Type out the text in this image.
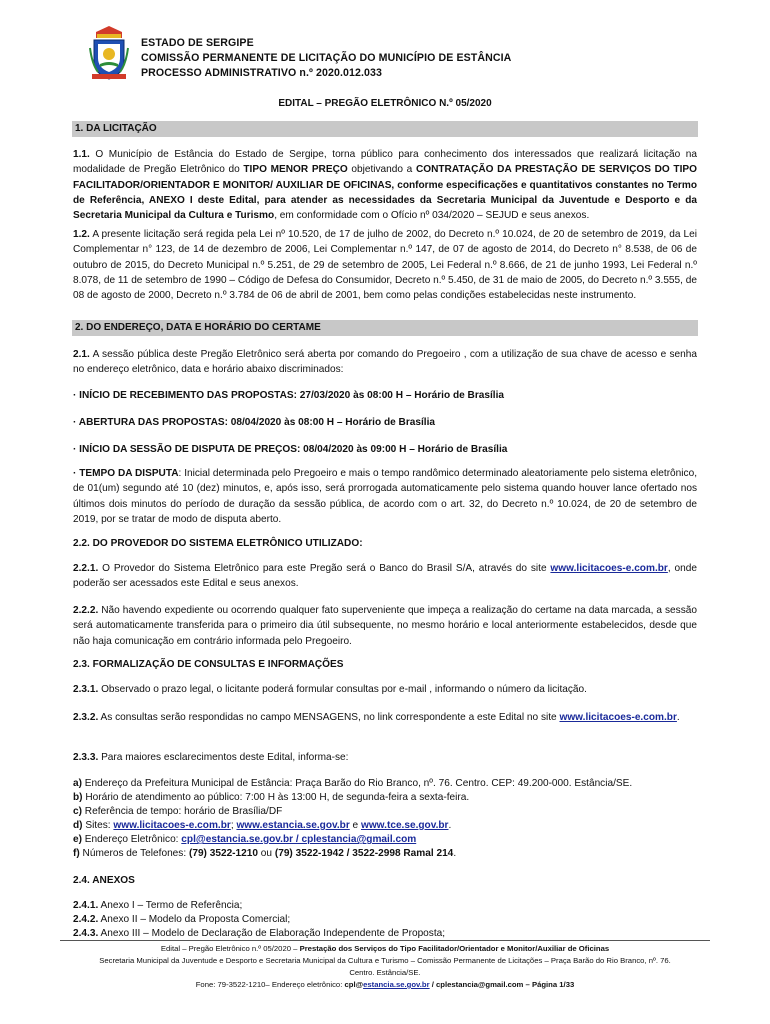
ESTADO DE SERGIPE
COMISSÃO PERMANENTE DE LICITAÇÃO DO MUNICÍPIO DE ESTÂNCIA
PROCESSO ADMINISTRATIVO n.º 2020.012.033
EDITAL – PREGÃO ELETRÔNICO N.º 05/2020
1. DA LICITAÇÃO
1.1. O Município de Estância do Estado de Sergipe, torna público para conhecimento dos interessados que realizará licitação na modalidade de Pregão Eletrônico do TIPO MENOR PREÇO objetivando a CONTRATAÇÃO DA PRESTAÇÃO DE SERVIÇOS DO TIPO FACILITADOR/ORIENTADOR E MONITOR/ AUXILIAR DE OFICINAS, conforme especificações e quantitativos constantes no Termo de Referência, ANEXO I deste Edital, para atender as necessidades da Secretaria Municipal da Juventude e Desporto e da Secretaria Municipal da Cultura e Turismo, em conformidade com o Ofício nº 034/2020 – SEJUD e seus anexos.
1.2. A presente licitação será regida pela Lei nº 10.520, de 17 de julho de 2002, do Decreto n.º 10.024, de 20 de setembro de 2019, da Lei Complementar n° 123, de 14 de dezembro de 2006, Lei Complementar n.º 147, de 07 de agosto de 2014, do Decreto n° 8.538, de 06 de outubro de 2015, do Decreto Municipal n.º 5.251, de 29 de setembro de 2005, Lei Federal n.º 8.666, de 21 de junho 1993, Lei Federal n.º 8.078, de 11 de setembro de 1990 – Código de Defesa do Consumidor, Decreto n.º 5.450, de 31 de maio de 2005, do Decreto n.º 3.555, de 08 de agosto de 2000, Decreto n.º 3.784 de 06 de abril de 2001, bem como pelas condições estabelecidas neste instrumento.
2. DO ENDEREÇO, DATA E HORÁRIO DO CERTAME
2.1. A sessão pública deste Pregão Eletrônico será aberta por comando do Pregoeiro , com a utilização de sua chave de acesso e senha no endereço eletrônico, data e horário abaixo discriminados:
· INÍCIO DE RECEBIMENTO DAS PROPOSTAS: 27/03/2020 às 08:00 H – Horário de Brasília
· ABERTURA DAS PROPOSTAS: 08/04/2020 às 08:00 H – Horário de Brasília
· INÍCIO DA SESSÃO DE DISPUTA DE PREÇOS: 08/04/2020 às 09:00 H – Horário de Brasília
· TEMPO DA DISPUTA: Inicial determinada pelo Pregoeiro e mais o tempo randômico determinado aleatoriamente pelo sistema eletrônico, de 01(um) segundo até 10 (dez) minutos, e, após isso, será prorrogada automaticamente pelo sistema quando houver lance ofertado nos últimos dois minutos do período de duração da sessão pública, de acordo com o art. 32, do Decreto n.º 10.024, de 20 de setembro de 2019, por se tratar de modo de disputa aberto.
2.2. DO PROVEDOR DO SISTEMA ELETRÔNICO UTILIZADO:
2.2.1. O Provedor do Sistema Eletrônico para este Pregão será o Banco do Brasil S/A, através do site www.licitacoes-e.com.br, onde poderão ser acessados este Edital e seus anexos.
2.2.2. Não havendo expediente ou ocorrendo qualquer fato superveniente que impeça a realização do certame na data marcada, a sessão será automaticamente transferida para o primeiro dia útil subsequente, no mesmo horário e local anteriormente estabelecidos, desde que não haja comunicação em contrário informada pelo Pregoeiro.
2.3. FORMALIZAÇÃO DE CONSULTAS E INFORMAÇÕES
2.3.1. Observado o prazo legal, o licitante poderá formular consultas por e-mail , informando o número da licitação.
2.3.2. As consultas serão respondidas no campo MENSAGENS, no link correspondente a este Edital no site www.licitacoes-e.com.br.
2.3.3. Para maiores esclarecimentos deste Edital, informa-se:
a) Endereço da Prefeitura Municipal de Estância: Praça Barão do Rio Branco, nº. 76. Centro. CEP: 49.200-000. Estância/SE.
b) Horário de atendimento ao público: 7:00 H às 13:00 H, de segunda-feira a sexta-feira.
c) Referência de tempo: horário de Brasília/DF
d) Sites: www.licitacoes-e.com.br; www.estancia.se.gov.br e www.tce.se.gov.br.
e) Endereço Eletrônico: cpl@estancia.se.gov.br / cplestancia@gmail.com
f) Números de Telefones: (79) 3522-1210 ou (79) 3522-1942 / 3522-2998 Ramal 214.
2.4. ANEXOS
2.4.1. Anexo I – Termo de Referência;
2.4.2. Anexo II – Modelo da Proposta Comercial;
2.4.3. Anexo III – Modelo de Declaração de Elaboração Independente de Proposta;
Edital – Pregão Eletrônico n.º 05/2020 – Prestação dos Serviços do Tipo Facilitador/Orientador e Monitor/Auxiliar de Oficinas
Secretaria Municipal da Juventude e Desporto e Secretaria Municipal da Cultura e Turismo – Comissão Permanente de Licitações – Praça Barão do Rio Branco, nº. 76.
Centro. Estância/SE.
Fone: 79-3522-1210– Endereço eletrônico: cpl@estancia.se.gov.br / cplestancia@gmail.com – Página 1/33
